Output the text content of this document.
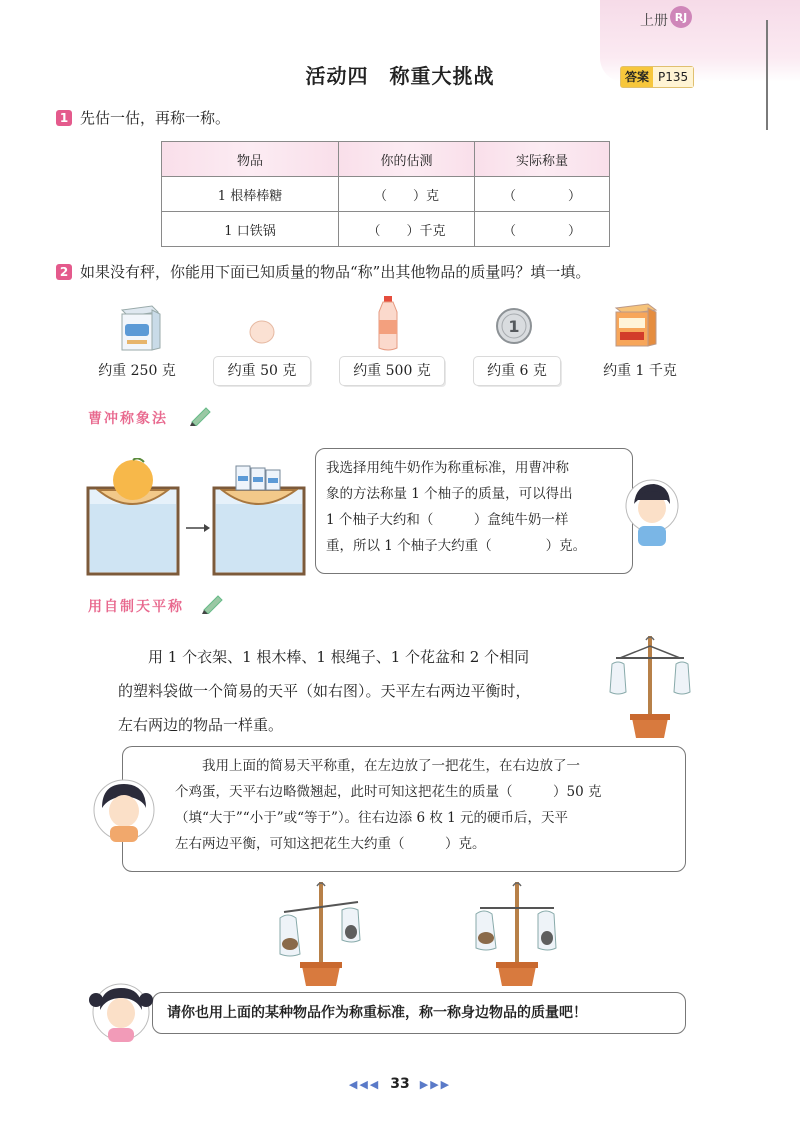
上册 RJ
活动四　称重大挑战	答案 P135
1 先估一估，再称一称。
物品	你的估测	实际称量
1 根棒棒糖	（　　）克	（　　　　）
1 口铁锅	（　　）千克	（　　　　）
2 如果没有秤，你能用下面已知质量的物品“称”出其他物品的质量吗？填一填。
1
约重 250 克	约重 50 克	约重 500 克	约重 6 克	约重 1 千克
曹冲称象法

我选择用纯牛奶作为称重标准，用曹冲称

象的方法称量 1 个柚子的质量，可以得出

1 个柚子大约和（　　　）盒纯牛奶一样

重，所以 1 个柚子大约重（　　　　）克。

用自制天平称
　　用 1 个衣架、1 根木棒、1 根绳子、1 个花盆和 2 个相同
的塑料袋做一个简易的天平（如右图）。天平左右两边平衡时，
左右两边的物品一样重。

　　我用上面的简易天平称重，在左边放了一把花生，在右边放了一

个鸡蛋，天平右边略微翘起，此时可知这把花生的质量（　　　）50 克

（填“大于”“小于”或“等于”）。往右边添 6 枚 1 元的硬币后，天平

左右两边平衡，可知这把花生大约重（　　　）克。

请你也用上面的某种物品作为称重标准，称一称身边物品的质量吧！
◀◀◀ 33 ▶▶▶
